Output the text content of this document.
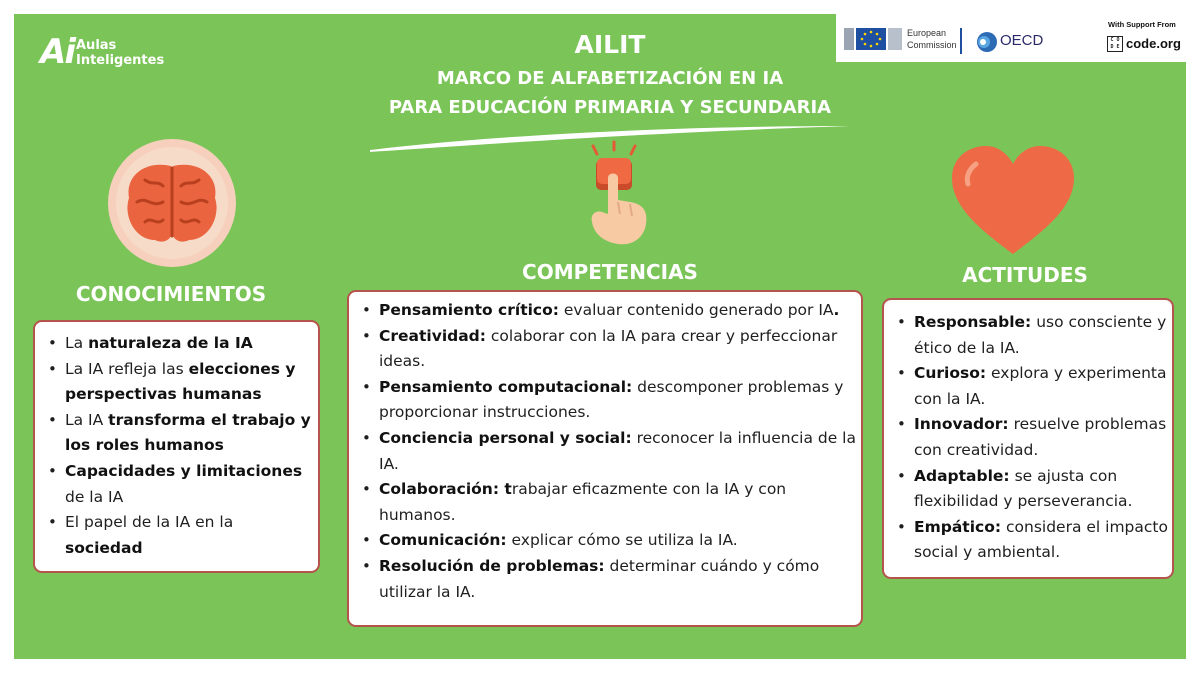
Ai Aulas
Inteligentes
European
Commission	OECD
With Support From
C O D E code.org
AILIT
MARCO DE ALFABETIZACIÓN EN IA
PARA EDUCACIÓN PRIMARIA Y SECUNDARIA
CONOCIMIENTOS
COMPETENCIAS	ACTITUDES
• La naturaleza de la IA
• La IA refleja las elecciones y perspectivas humanas
• La IA transforma el trabajo y los roles humanos
• Capacidades y limitaciones de la IA
• El papel de la IA en la sociedad
• Pensamiento crítico: evaluar contenido generado por IA.
• Creatividad: colaborar con la IA para crear y perfeccionar ideas.
• Pensamiento computacional: descomponer problemas y proporcionar instrucciones.
• Conciencia personal y social: reconocer la influencia de la IA.
• Colaboración: trabajar eficazmente con la IA y con humanos.
• Comunicación: explicar cómo se utiliza la IA.
• Resolución de problemas: determinar cuándo y cómo utilizar la IA.
• Responsable: uso consciente y ético de la IA.
• Curioso: explora y experimenta con la IA.
• Innovador: resuelve problemas con creatividad.
• Adaptable: se ajusta con flexibilidad y perseverancia.
• Empático: considera el impacto social y ambiental.
